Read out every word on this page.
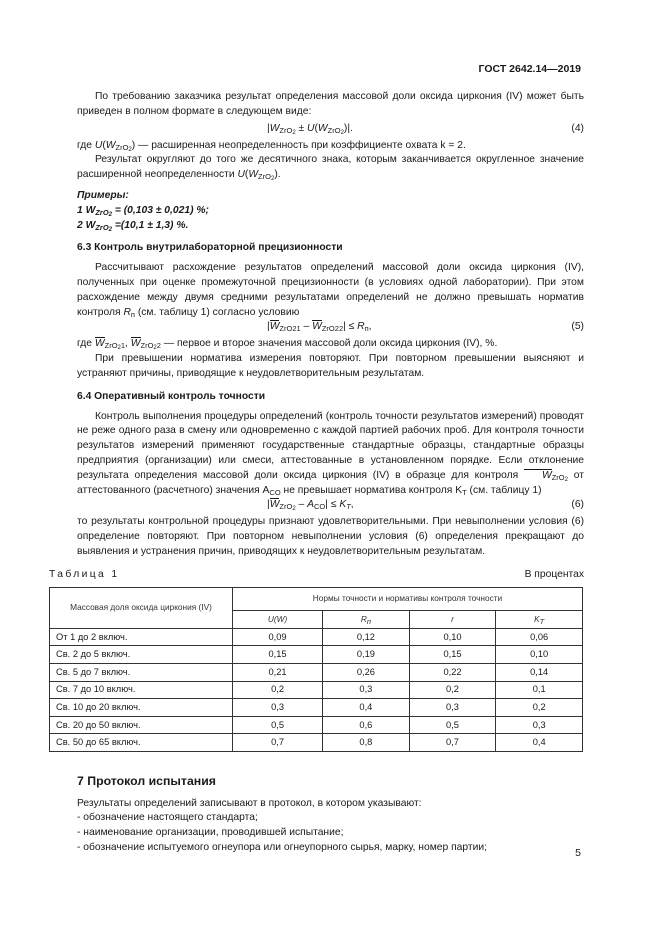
ГОСТ 2642.14—2019

По требованию заказчика результат определения массовой доли оксида циркония (IV) может быть приведен в полном формате в следующем виде:

$|W_{ZrO_2} \pm U(W_{ZrO_2})|$.	(4)

где $U(W_{ZrO_2})$ — расширенная неопределенность при коэффициенте охвата k = 2.

Результат округляют до того же десятичного знака, которым заканчивается округленное значение расширенной неопределенности $U(W_{ZrO_2})$.

Примеры:

1 $W_{ZrO_2} = (0,103 \pm 0,021)$ %;

2 $W_{ZrO_2} =(10,1 \pm 1,3)$ %.

6.3 Контроль внутрилабораторной прецизионности

Рассчитывают расхождение результатов определений массовой доли оксида циркония (IV), полученных при оценке промежуточной прецизионности (в условиях одной лаборатории). При этом расхождение между двумя средними результатами определений не должно превышать норматив контроля $R_п$ (см. таблицу 1) согласно условию

$|W_{ZrO21} - W_{ZrO22}| \le R_п$,	(5)

где $W_{ZrO_21}$, $W_{ZrO_22}$ — первое и второе значения массовой доли оксида циркония (IV), %.

При превышении норматива измерения повторяют. При повторном превышении выясняют и устраняют причины, приводящие к неудовлетворительным результатам.

6.4 Оперативный контроль точности

Контроль выполнения процедуры определений (контроль точности результатов измерений) проводят не реже одного раза в смену или одновременно с каждой партией рабочих проб. Для контроля точности результатов измерений применяют государственные стандартные образцы, стандартные образцы предприятия (организации) или смеси, аттестованные в установленном порядке. Если отклонение результата определения массовой доли оксида циркония (IV) в образце для контроля $W_{ZrO_2}$ от аттестованного (расчетного) значения $A_{CO}$ не превышает норматива контроля $K_T$ (см. таблицу 1)

$|W_{ZrO_2} - A_{CO}| \le K_T$,	(6)

то результаты контрольной процедуры признают удовлетворительными. При невыполнении условия (6) определение повторяют. При повторном невыполнении условия (6) определения прекращают до выявления и устранения причин, приводящих к неудовлетворительным результатам.

Таблица 1	В процентах
Массовая доля оксида циркония (IV)	Нормы точности и нормативы контроля точности			
	U(W)	$R_п$	r	$K_T$
От 1 до 2 включ.	0,09	0,12	0,10	0,06
Св. 2 до 5 включ.	0,15	0,19	0,15	0,10
Св. 5 до 7 включ.	0,21	0,26	0,22	0,14
Св. 7 до 10 включ.	0,2	0,3	0,2	0,1
Св. 10 до 20 включ.	0,3	0,4	0,3	0,2
Св. 20 до 50 включ.	0,5	0,6	0,5	0,3
Св. 50 до 65 включ.	0,7	0,8	0,7	0,4

7 Протокол испытания

Результаты определений записывают в протокол, в котором указывают:

- обозначение настоящего стандарта;

- наименование организации, проводившей испытание;

- обозначение испытуемого огнеупора или огнеупорного сырья, марку, номер партии;	5
